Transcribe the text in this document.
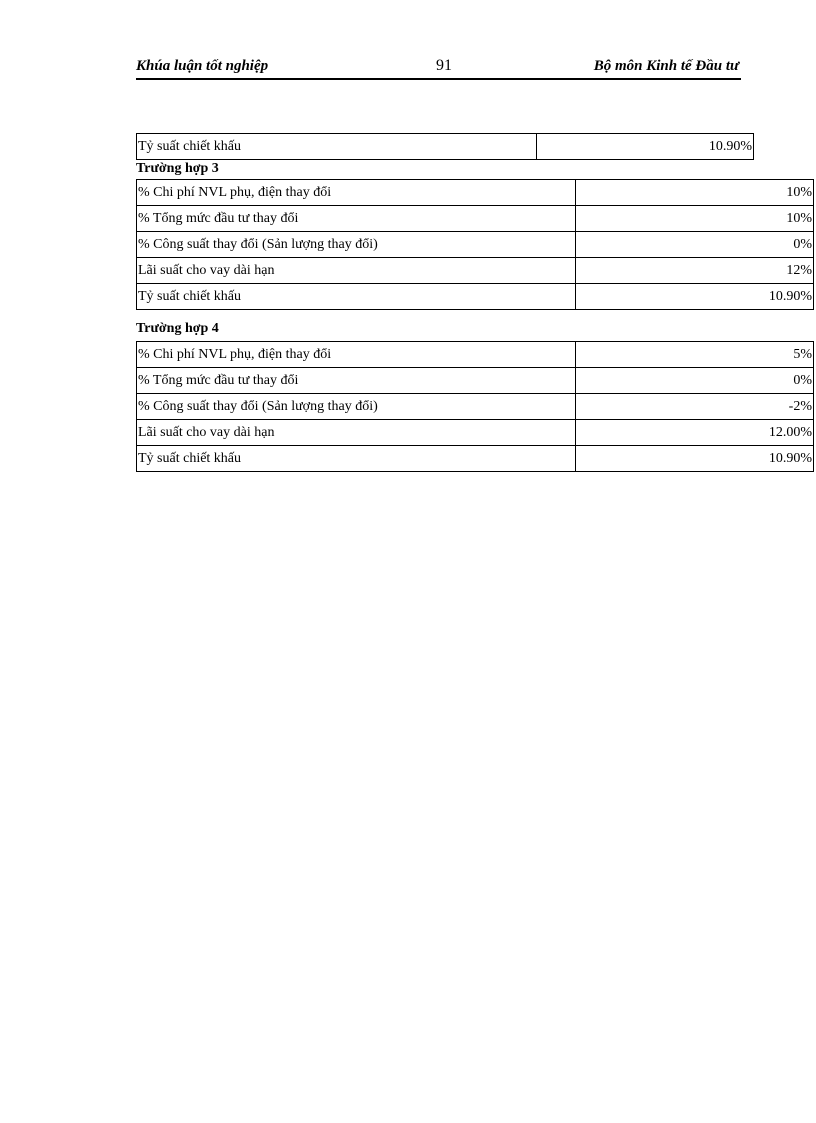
Khúa luận tốt nghiệp	91	Bộ môn Kinh tế Đầu tư
Tỷ suất chiết khấu	10.90%
Trường hợp 3
% Chi phí NVL phụ, điện thay đổi	10%
% Tổng mức đầu tư thay đổi	10%
% Công suất thay đổi (Sản lượng thay đổi)	0%
Lãi suất cho vay dài hạn	12%
Tỷ suất chiết khấu	10.90%
Trường hợp 4
% Chi phí NVL phụ, điện thay đổi	5%
% Tổng mức đầu tư thay đổi	0%
% Công suất thay đổi (Sản lượng thay đổi)	-2%
Lãi suất cho vay dài hạn	12.00%
Tỷ suất chiết khấu	10.90%
